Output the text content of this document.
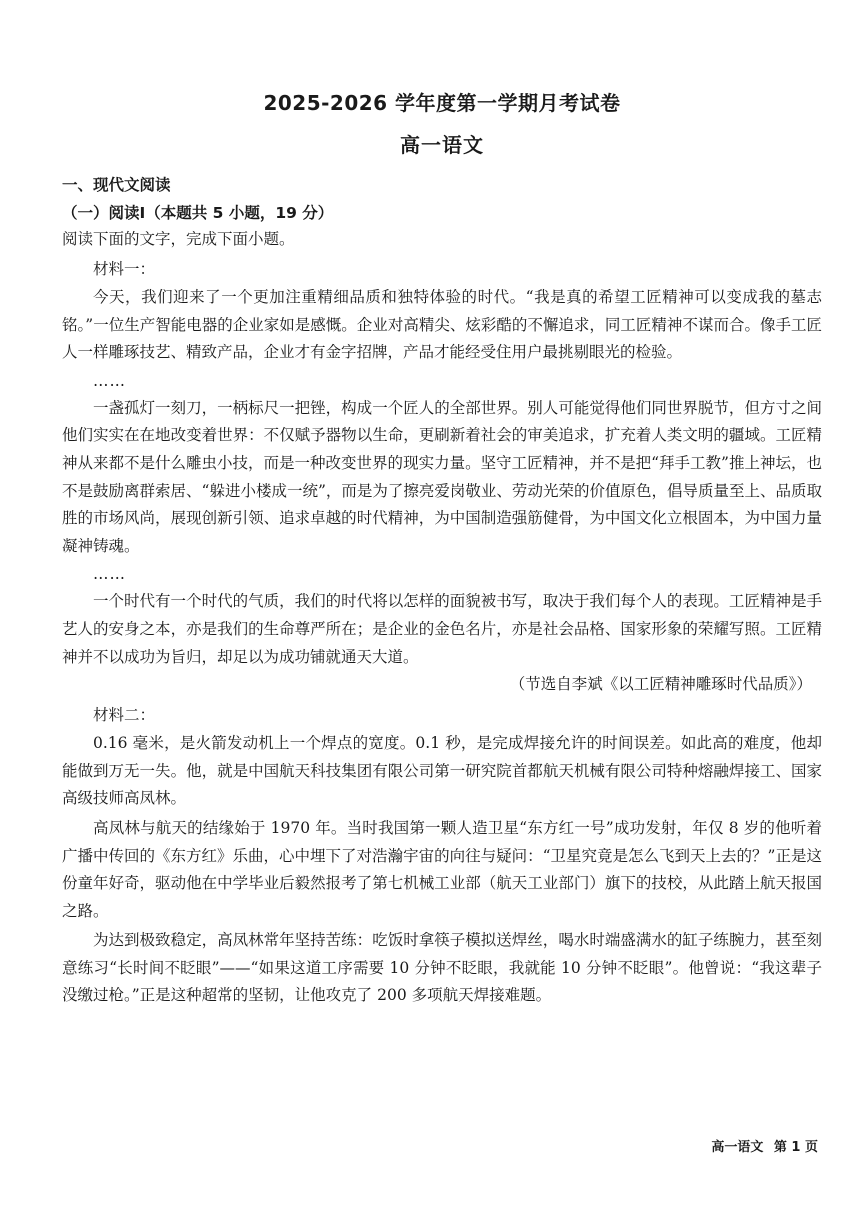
2025-2026 学年度第一学期月考试卷
高一语文
一、现代文阅读
（一）阅读Ⅰ（本题共 5 小题，19 分）
阅读下面的文字，完成下面小题。
材料一：
今天，我们迎来了一个更加注重精细品质和独特体验的时代。“我是真的希望工匠精神可以变成我的墓志铭。”一位生产智能电器的企业家如是感慨。企业对高精尖、炫彩酷的不懈追求，同工匠精神不谋而合。像手工匠人一样雕琢技艺、精致产品，企业才有金字招牌，产品才能经受住用户最挑剔眼光的检验。
……
一盏孤灯一刻刀，一柄标尺一把锉，构成一个匠人的全部世界。别人可能觉得他们同世界脱节，但方寸之间他们实实在在地改变着世界：不仅赋予器物以生命，更刷新着社会的审美追求，扩充着人类文明的疆域。工匠精神从来都不是什么雕虫小技，而是一种改变世界的现实力量。坚守工匠精神，并不是把“拜手工教”推上神坛，也不是鼓励离群索居、“躲进小楼成一统”，而是为了擦亮爱岗敬业、劳动光荣的价值原色，倡导质量至上、品质取胜的市场风尚，展现创新引领、追求卓越的时代精神，为中国制造强筋健骨，为中国文化立根固本，为中国力量凝神铸魂。
……
一个时代有一个时代的气质，我们的时代将以怎样的面貌被书写，取决于我们每个人的表现。工匠精神是手艺人的安身之本，亦是我们的生命尊严所在；是企业的金色名片，亦是社会品格、国家形象的荣耀写照。工匠精神并不以成功为旨归，却足以为成功铺就通天大道。
（节选自李斌《以工匠精神雕琢时代品质》）
材料二：
0.16 毫米，是火箭发动机上一个焊点的宽度。0.1 秒，是完成焊接允许的时间误差。如此高的难度，他却能做到万无一失。他，就是中国航天科技集团有限公司第一研究院首都航天机械有限公司特种熔融焊接工、国家高级技师高凤林。
高凤林与航天的结缘始于 1970 年。当时我国第一颗人造卫星“东方红一号”成功发射，年仅 8 岁的他听着广播中传回的《东方红》乐曲，心中埋下了对浩瀚宇宙的向往与疑问：“卫星究竟是怎么飞到天上去的？”正是这份童年好奇，驱动他在中学毕业后毅然报考了第七机械工业部（航天工业部门）旗下的技校，从此踏上航天报国之路。
为达到极致稳定，高凤林常年坚持苦练：吃饭时拿筷子模拟送焊丝，喝水时端盛满水的缸子练腕力，甚至刻意练习“长时间不眨眼”——“如果这道工序需要 10 分钟不眨眼，我就能 10 分钟不眨眼”。他曾说：“我这辈子没缴过枪。”正是这种超常的坚韧，让他攻克了 200 多项航天焊接难题。
高一语文 第 1 页
